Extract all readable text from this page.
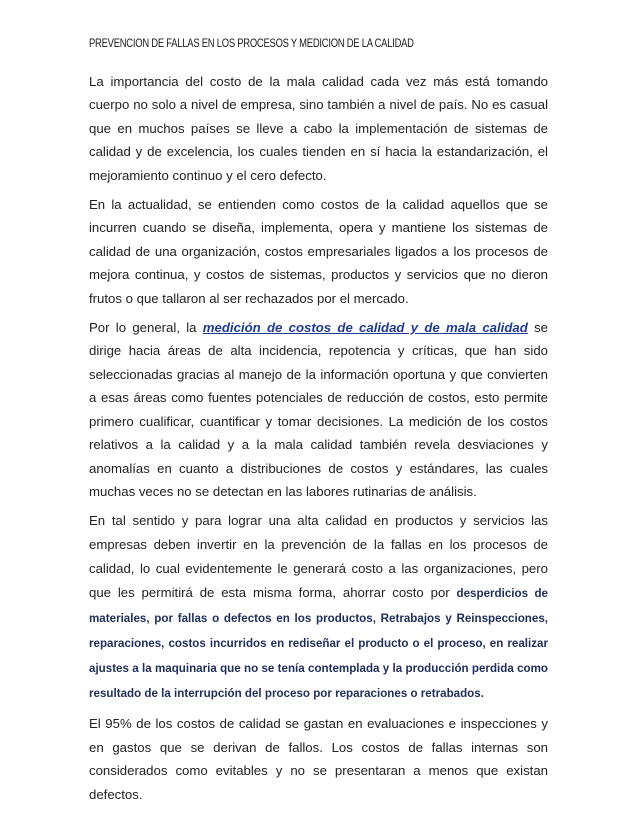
PREVENCION DE FALLAS EN LOS PROCESOS Y MEDICION DE LA CALIDAD

La importancia del costo de la mala calidad cada vez más está tomando cuerpo no solo a nivel de empresa, sino también a nivel de país. No es casual que en muchos países se lleve a cabo la implementación de sistemas de calidad y de excelencia, los cuales tienden en sí hacia la estandarización, el mejoramiento continuo y el cero defecto.

En la actualidad, se entienden como costos de la calidad aquellos que se incurren cuando se diseña, implementa, opera y mantiene los sistemas de calidad de una organización, costos empresariales ligados a los procesos de mejora continua, y costos de sistemas, productos y servicios que no dieron frutos o que tallaron al ser rechazados por el mercado.

Por lo general, la medición de costos de calidad y de mala calidad se dirige hacia áreas de alta incidencia, repotencia y críticas, que han sido seleccionadas gracias al manejo de la información oportuna y que convierten a esas áreas como fuentes potenciales de reducción de costos, esto permite primero cualificar, cuantificar y tomar decisiones. La medición de los costos relativos a la calidad y a la mala calidad también revela desviaciones y anomalías en cuanto a distribuciones de costos y estándares, las cuales muchas veces no se detectan en las labores rutinarias de análisis.

En tal sentido y para lograr una alta calidad en productos y servicios las empresas deben invertir en la prevención de la fallas en los procesos de calidad, lo cual evidentemente le generará costo a las organizaciones, pero que les permitirá de esta misma forma, ahorrar costo por desperdicios de materiales, por fallas o defectos en los productos, Retrabajos y Reinspecciones, reparaciones, costos incurridos en rediseñar el producto o el proceso, en realizar ajustes a la maquinaria que no se tenía contemplada y la producción perdida como resultado de la interrupción del proceso por reparaciones o retrabados.

El 95% de los costos de calidad se gastan en evaluaciones e inspecciones y en gastos que se derivan de fallos. Los costos de fallas internas son considerados como evitables y no se presentaran a menos que existan defectos.
